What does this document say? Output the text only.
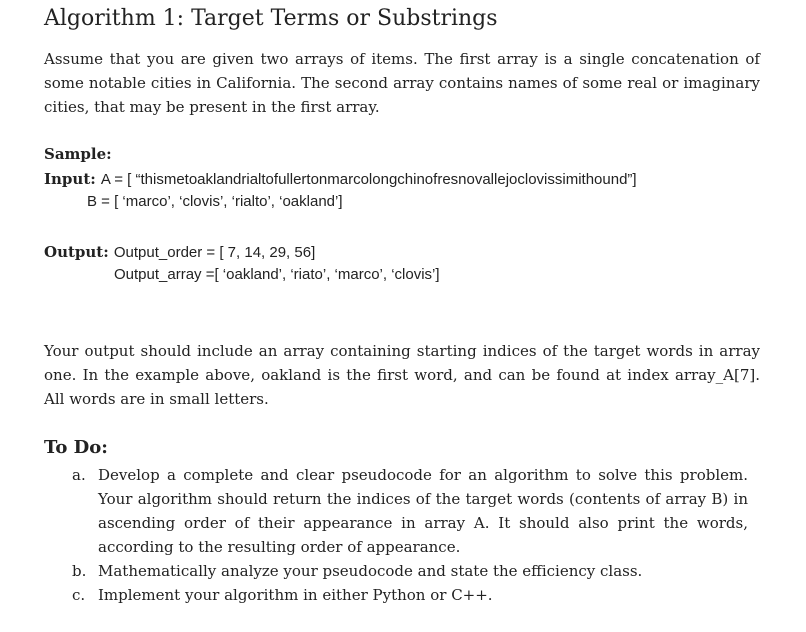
Algorithm 1: Target Terms or Substrings
Assume that you are given two arrays of items. The first array is a single concatenation of some notable cities in California. The second array contains names of some real or imaginary cities, that may be present in the first array.
Sample:
Input: A = [ “thismetoaklandrialtofullertonmarcolongchinofresnovallejoclovissimithound”]
B = [ ‘marco’, ‘clovis’, ‘rialto’, ‘oakland’]
Output: Output_order = [ 7, 14, 29, 56]
Output_array =[ ‘oakland’, ‘riato’, ‘marco’, ‘clovis’]
Your output should include an array containing starting indices of the target words in array one. In the example above, oakland is the first word, and can be found at index array_A[7]. All words are in small letters.
To Do:
a. Develop a complete and clear pseudocode for an algorithm to solve this problem. Your algorithm should return the indices of the target words (contents of array B) in ascending order of their appearance in array A. It should also print the words, according to the resulting order of appearance.
b. Mathematically analyze your pseudocode and state the efficiency class.
c. Implement your algorithm in either Python or C++.
